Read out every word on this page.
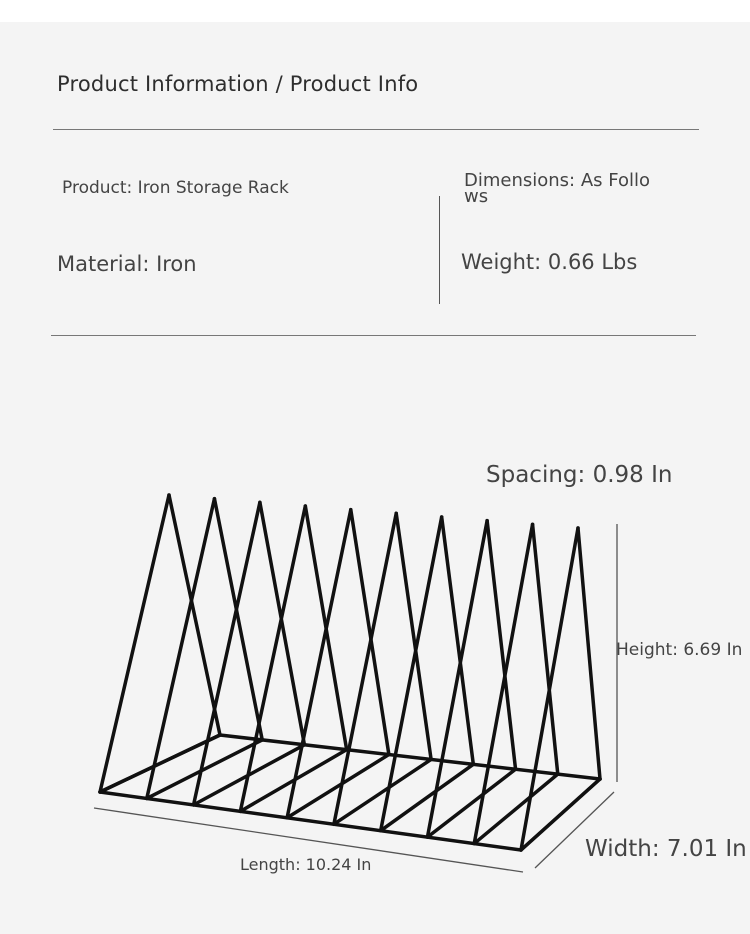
Product Information / Product Info
Product: Iron Storage Rack	Dimensions: As Follows
Material: Iron	Weight: 0.66 Lbs
Spacing: 0.98 In
Height: 6.69 In
Width: 7.01 In
Length: 10.24 In
